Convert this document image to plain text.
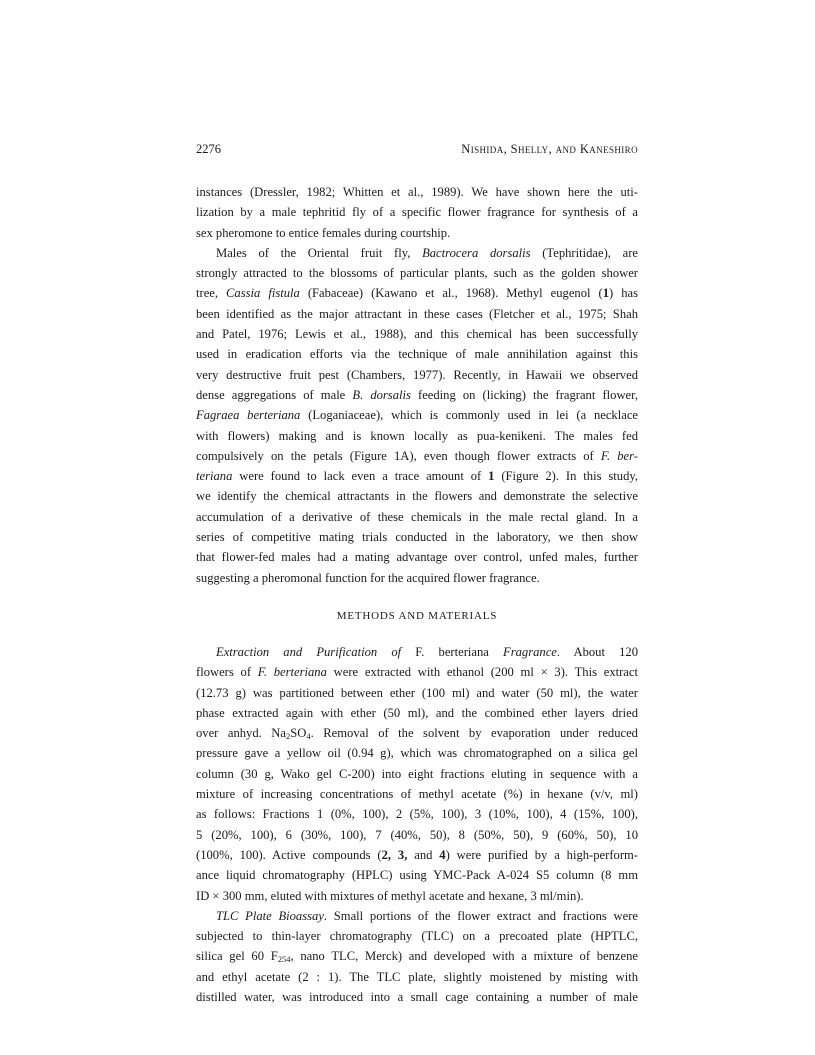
2276	Nishida, Shelly, and Kaneshiro

instances (Dressler, 1982; Whitten et al., 1989). We have shown here the uti-
lization by a male tephritid fly of a specific flower fragrance for synthesis of a
sex pheromone to entice females during courtship.

Males of the Oriental fruit fly, Bactrocera dorsalis (Tephritidae), are
strongly attracted to the blossoms of particular plants, such as the golden shower
tree, Cassia fistula (Fabaceae) (Kawano et al., 1968). Methyl eugenol (1) has
been identified as the major attractant in these cases (Fletcher et al., 1975; Shah
and Patel, 1976; Lewis et al., 1988), and this chemical has been successfully
used in eradication efforts via the technique of male annihilation against this
very destructive fruit pest (Chambers, 1977). Recently, in Hawaii we observed
dense aggregations of male B. dorsalis feeding on (licking) the fragrant flower,
Fagraea berteriana (Loganiaceae), which is commonly used in lei (a necklace
with flowers) making and is known locally as pua-kenikeni. The males fed
compulsively on the petals (Figure 1A), even though flower extracts of F. ber-
teriana were found to lack even a trace amount of 1 (Figure 2). In this study,
we identify the chemical attractants in the flowers and demonstrate the selective
accumulation of a derivative of these chemicals in the male rectal gland. In a
series of competitive mating trials conducted in the laboratory, we then show
that flower-fed males had a mating advantage over control, unfed males, further
suggesting a pheromonal function for the acquired flower fragrance.

METHODS AND MATERIALS

Extraction and Purification of F. berteriana Fragrance. About 120
flowers of F. berteriana were extracted with ethanol (200 ml × 3). This extract
(12.73 g) was partitioned between ether (100 ml) and water (50 ml), the water
phase extracted again with ether (50 ml), and the combined ether layers dried
over anhyd. $Na_2SO_4$. Removal of the solvent by evaporation under reduced
pressure gave a yellow oil (0.94 g), which was chromatographed on a silica gel
column (30 g, Wako gel C-200) into eight fractions eluting in sequence with a
mixture of increasing concentrations of methyl acetate (%) in hexane (v/v, ml)
as follows: Fractions 1 (0%, 100), 2 (5%, 100), 3 (10%, 100), 4 (15%, 100),
5 (20%, 100), 6 (30%, 100), 7 (40%, 50), 8 (50%, 50), 9 (60%, 50), 10
(100%, 100). Active compounds (2, 3, and 4) were purified by a high-perform-
ance liquid chromatography (HPLC) using YMC-Pack A-024 S5 column (8 mm
ID × 300 mm, eluted with mixtures of methyl acetate and hexane, 3 ml/min).

TLC Plate Bioassay. Small portions of the flower extract and fractions were
subjected to thin-layer chromatography (TLC) on a precoated plate (HPTLC,
silica gel 60 $F_{254}$, nano TLC, Merck) and developed with a mixture of benzene
and ethyl acetate (2 : 1). The TLC plate, slightly moistened by misting with
distilled water, was introduced into a small cage containing a number of male
